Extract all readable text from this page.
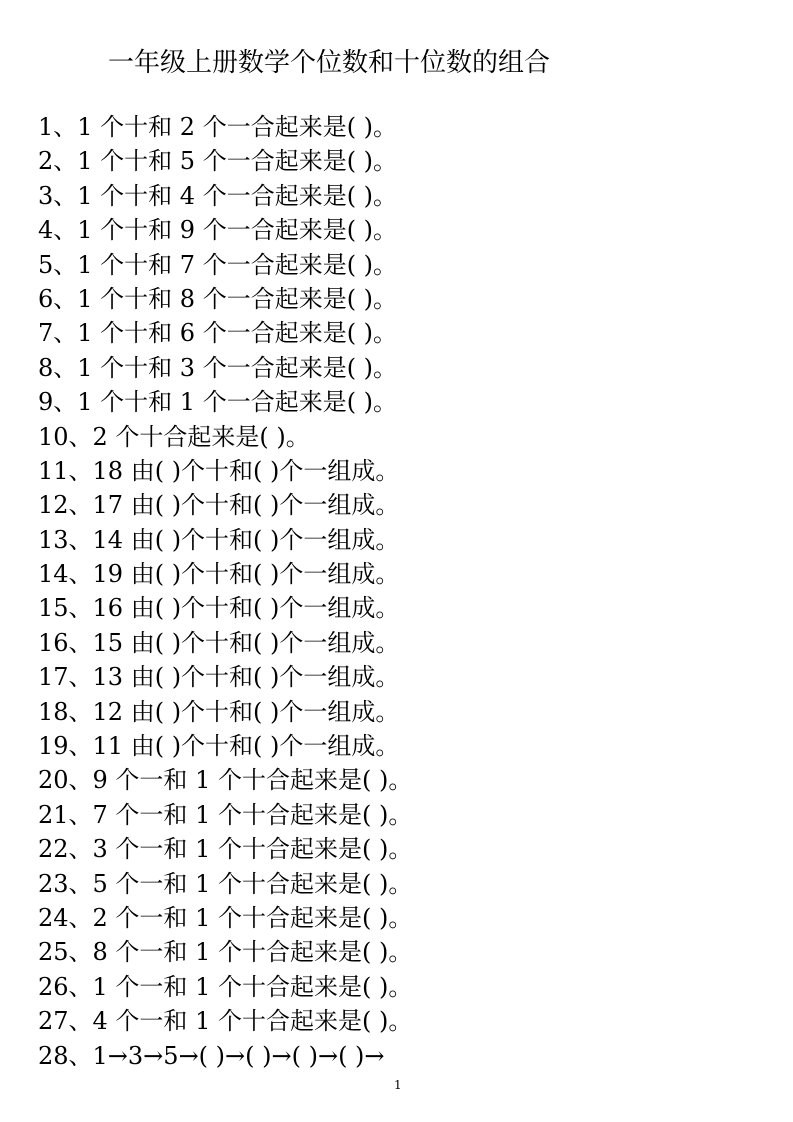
一年级上册数学个位数和十位数的组合
1、1 个十和 2 个一合起来是( )。
2、1 个十和 5 个一合起来是( )。
3、1 个十和 4 个一合起来是( )。
4、1 个十和 9 个一合起来是( )。
5、1 个十和 7 个一合起来是( )。
6、1 个十和 8 个一合起来是( )。
7、1 个十和 6 个一合起来是( )。
8、1 个十和 3 个一合起来是( )。
9、1 个十和 1 个一合起来是( )。
10、2 个十合起来是( )。
11、18 由( )个十和( )个一组成。
12、17 由( )个十和( )个一组成。
13、14 由( )个十和( )个一组成。
14、19 由( )个十和( )个一组成。
15、16 由( )个十和( )个一组成。
16、15 由( )个十和( )个一组成。
17、13 由( )个十和( )个一组成。
18、12 由( )个十和( )个一组成。
19、11 由( )个十和( )个一组成。
20、9 个一和 1 个十合起来是( )。
21、7 个一和 1 个十合起来是( )。
22、3 个一和 1 个十合起来是( )。
23、5 个一和 1 个十合起来是( )。
24、2 个一和 1 个十合起来是( )。
25、8 个一和 1 个十合起来是( )。
26、1 个一和 1 个十合起来是( )。
27、4 个一和 1 个十合起来是( )。
28、1→3→5→( )→( )→( )→( )→
1
